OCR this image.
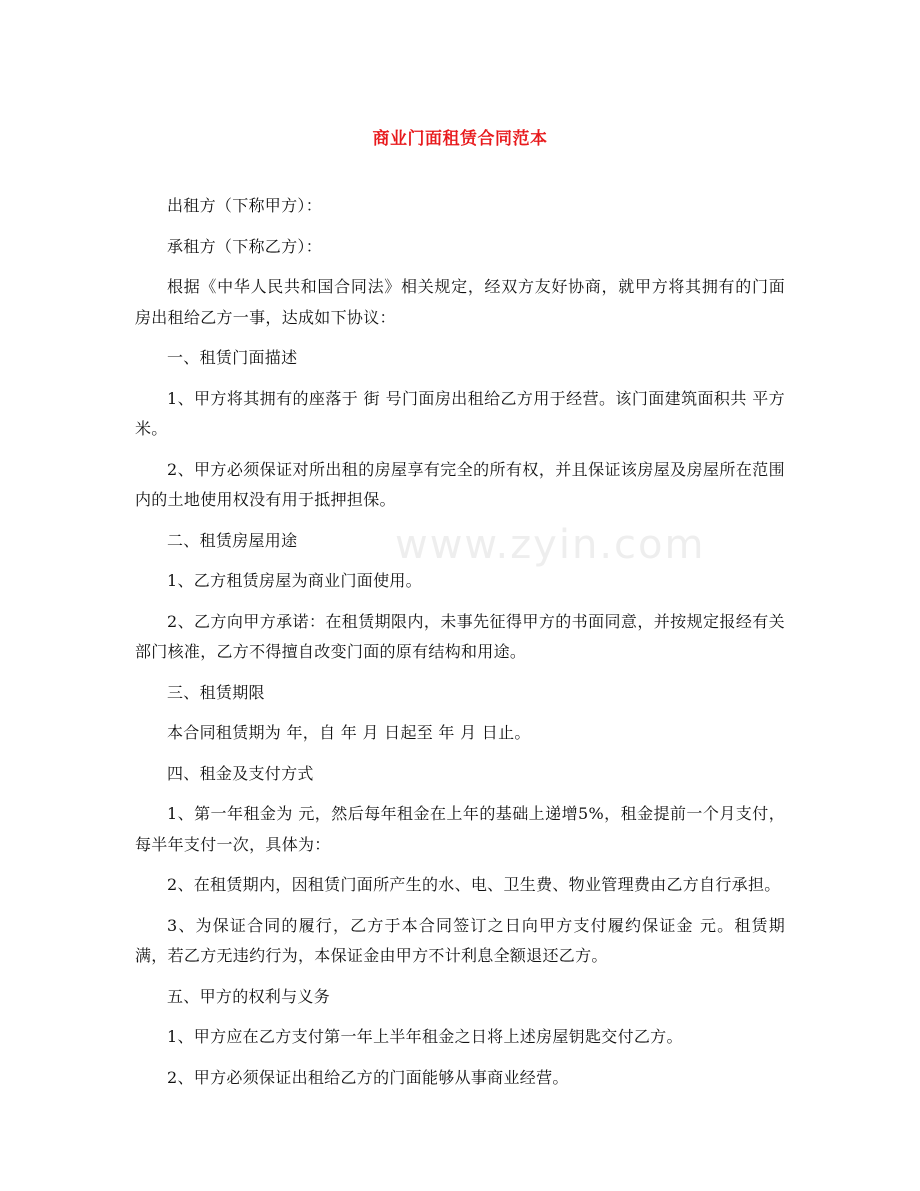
www.zyin.com
商业门面租赁合同范本

出租方（下称甲方）：

承租方（下称乙方）：

根据《中华人民共和国合同法》相关规定，经双方友好协商，就甲方将其拥有的门面房出租给乙方一事，达成如下协议：

一、租赁门面描述

1、甲方将其拥有的座落于 街 号门面房出租给乙方用于经营。该门面建筑面积共 平方米。

2、甲方必须保证对所出租的房屋享有完全的所有权，并且保证该房屋及房屋所在范围内的土地使用权没有用于抵押担保。

二、租赁房屋用途

1、乙方租赁房屋为商业门面使用。

2、乙方向甲方承诺：在租赁期限内，未事先征得甲方的书面同意，并按规定报经有关部门核准，乙方不得擅自改变门面的原有结构和用途。

三、租赁期限

本合同租赁期为 年，自 年 月 日起至 年 月 日止。

四、租金及支付方式

1、第一年租金为 元，然后每年租金在上年的基础上递增5%，租金提前一个月支付，每半年支付一次，具体为：

2、在租赁期内，因租赁门面所产生的水、电、卫生费、物业管理费由乙方自行承担。

3、为保证合同的履行，乙方于本合同签订之日向甲方支付履约保证金 元。租赁期满，若乙方无违约行为，本保证金由甲方不计利息全额退还乙方。

五、甲方的权利与义务

1、甲方应在乙方支付第一年上半年租金之日将上述房屋钥匙交付乙方。

2、甲方必须保证出租给乙方的门面能够从事商业经营。
